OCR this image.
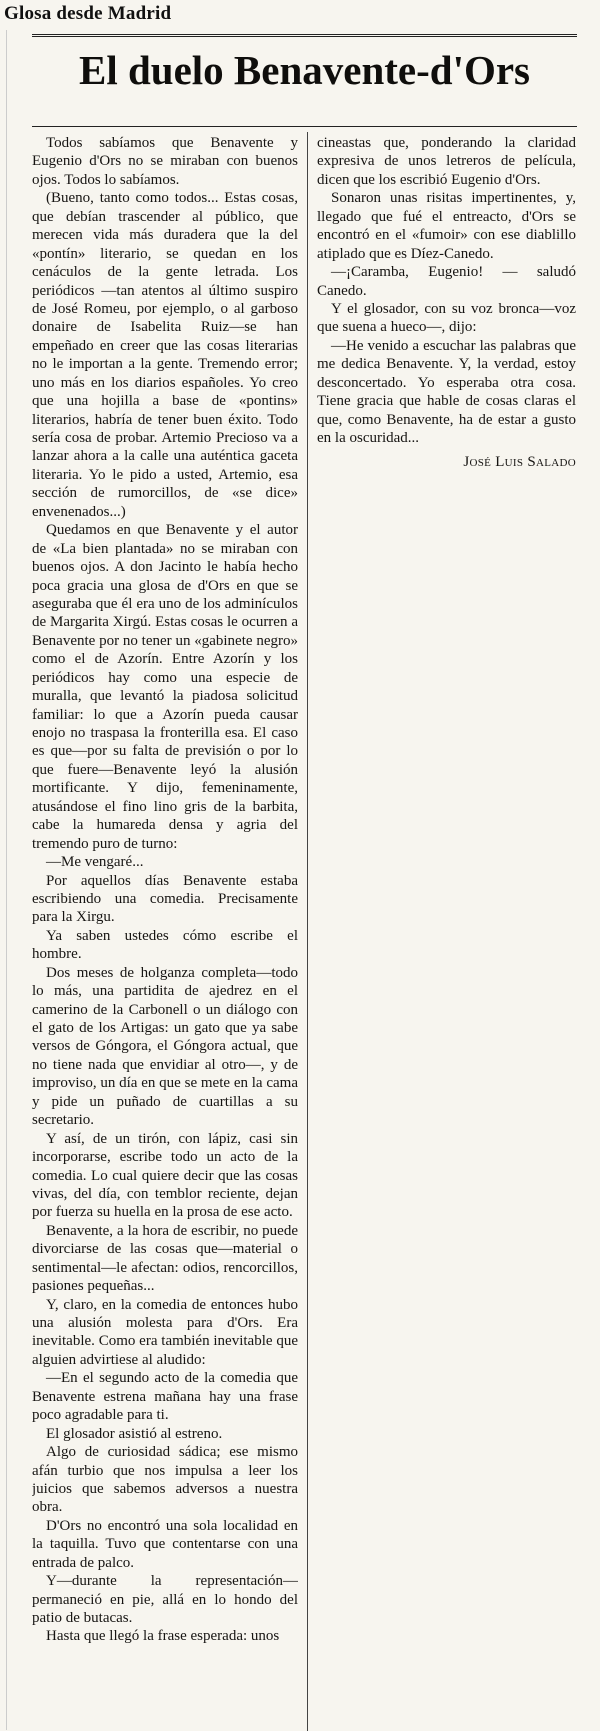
Glosa desde Madrid
El duelo Benavente-d'Ors

Todos sabíamos que Benavente y Eugenio d'Ors no se miraban con buenos ojos. Todos lo sabíamos.

(Bueno, tanto como todos... Estas cosas, que debían trascender al público, que merecen vida más duradera que la del «pontín» literario, se quedan en los cenáculos de la gente letrada. Los periódicos —tan atentos al último suspiro de José Romeu, por ejemplo, o al garboso donaire de Isabelita Ruiz—se han empeñado en creer que las cosas literarias no le importan a la gente. Tremendo error; uno más en los diarios españoles. Yo creo que una hojilla a base de «pontins» literarios, habría de tener buen éxito. Todo sería cosa de probar. Artemio Precioso va a lanzar ahora a la calle una auténtica gaceta literaria. Yo le pido a usted, Artemio, esa sección de rumorcillos, de «se dice» envenenados...)

Quedamos en que Benavente y el autor de «La bien plantada» no se miraban con buenos ojos. A don Jacinto le había hecho poca gracia una glosa de d'Ors en que se aseguraba que él era uno de los adminículos de Margarita Xirgú. Estas cosas le ocurren a Benavente por no tener un «gabinete negro» como el de Azorín. Entre Azorín y los periódicos hay como una especie de muralla, que levantó la piadosa solicitud familiar: lo que a Azorín pueda causar enojo no traspasa la fronterilla esa. El caso es que—por su falta de previsión o por lo que fuere—Benavente leyó la alusión mortificante. Y dijo, femeninamente, atusándose el fino lino gris de la barbita, cabe la humareda densa y agria del tremendo puro de turno:

—Me vengaré...

Por aquellos días Benavente estaba escribiendo una comedia. Precisamente para la Xirgu.

Ya saben ustedes cómo escribe el hombre.

Dos meses de holganza completa—todo lo más, una partidita de ajedrez en el camerino de la Carbonell o un diálogo con el gato de los Artigas: un gato que ya sabe versos de Góngora, el Góngora actual, que no tiene nada que envidiar al otro—, y de improviso, un día en que se mete en la cama y pide un puñado de cuartillas a su secretario.

Y así, de un tirón, con lápiz, casi sin incorporarse, escribe todo un acto de la comedia. Lo cual quiere decir que las cosas vivas, del día, con temblor reciente, dejan por fuerza su huella en la prosa de ese acto.

Benavente, a la hora de escribir, no puede divorciarse de las cosas que—material o sentimental—le afectan: odios, rencorcillos, pasiones pequeñas...

Y, claro, en la comedia de entonces hubo una alusión molesta para d'Ors. Era inevitable. Como era también inevitable que alguien advirtiese al aludido:

—En el segundo acto de la comedia que Benavente estrena mañana hay una frase poco agradable para ti.

El glosador asistió al estreno.

Algo de curiosidad sádica; ese mismo afán turbio que nos impulsa a leer los juicios que sabemos adversos a nuestra obra.

D'Ors no encontró una sola localidad en la taquilla. Tuvo que contentarse con una entrada de palco.

Y—durante la representación—permaneció en pie, allá en lo hondo del patio de butacas.

Hasta que llegó la frase esperada: unos

cineastas que, ponderando la claridad expresiva de unos letreros de película, dicen que los escribió Eugenio d'Ors.

Sonaron unas risitas impertinentes, y, llegado que fué el entreacto, d'Ors se encontró en el «fumoir» con ese diablillo atiplado que es Díez-Canedo.

—¡Caramba, Eugenio! — saludó Canedo.

Y el glosador, con su voz bronca—voz que suena a hueco—, dijo:

—He venido a escuchar las palabras que me dedica Benavente. Y, la verdad, estoy desconcertado. Yo esperaba otra cosa. Tiene gracia que hable de cosas claras el que, como Benavente, ha de estar a gusto en la oscuridad...

José Luis Salado
